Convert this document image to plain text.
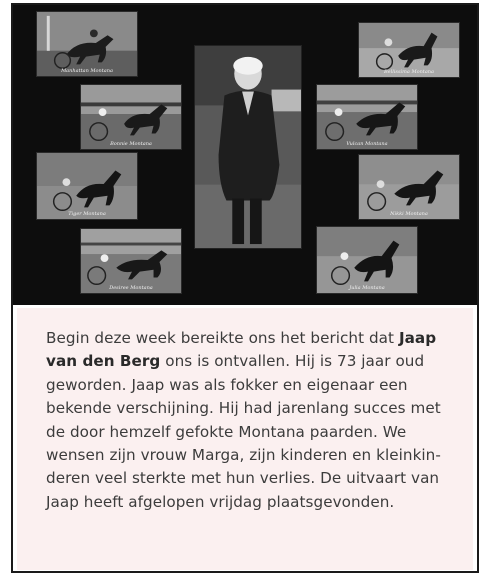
Manhattan Montana
Bonnie Montana
Tiger Montana
Desiree Montana
Bellissima Montana
Vulcan Montana
Nikki Montana
Julia Montana

Begin deze week bereikte ons het bericht dat Jaap
van den Berg ons is ontvallen. Hij is 73 jaar oud
geworden. Jaap was als fokker en eigenaar een
bekende verschijning. Hij had jarenlang succes met
de door hemzelf gefokte Montana paarden. We
wensen zijn vrouw Marga, zijn kinderen en kleinkin-
deren veel sterkte met hun verlies. De uitvaart van
Jaap heeft afgelopen vrijdag plaatsgevonden.
